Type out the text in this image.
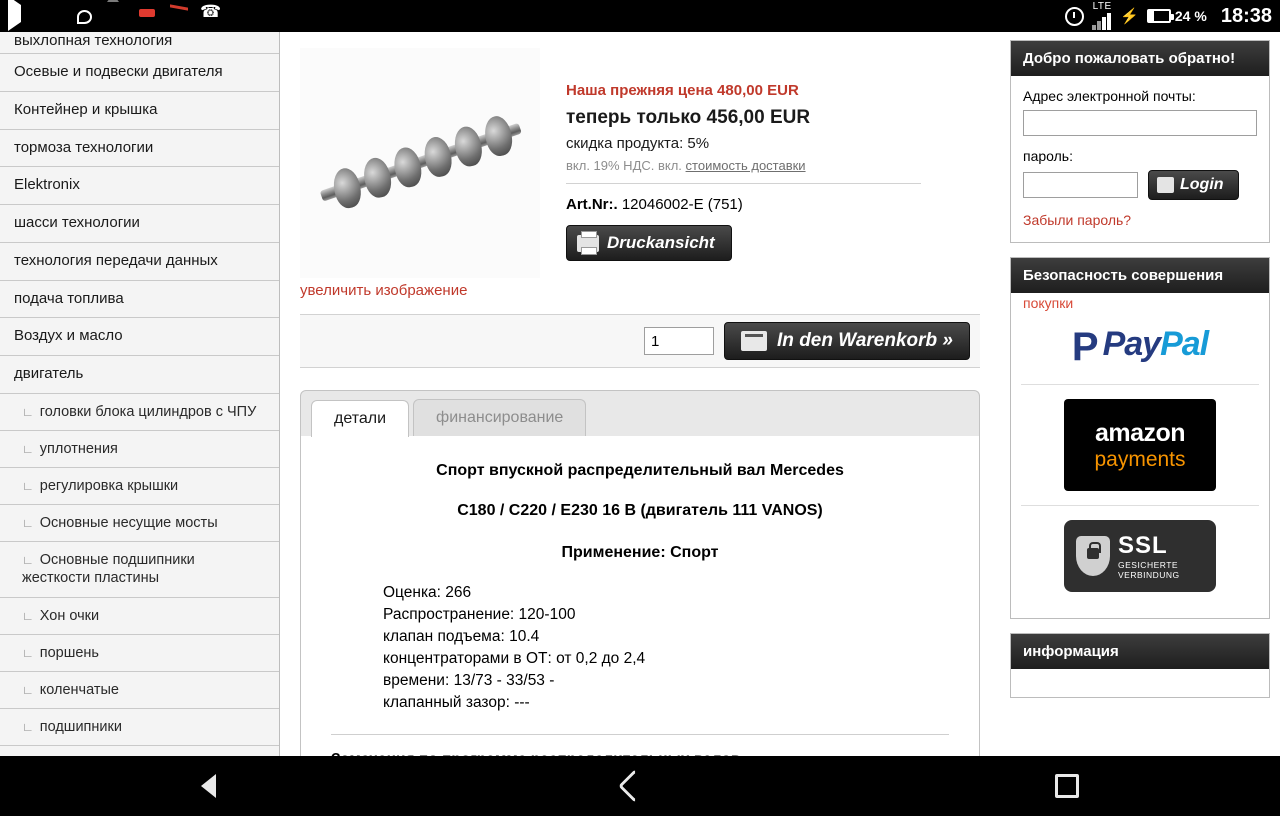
LTE
⚡	24 % 18:38
выхлопная технология
Осевые и подвески двигателя
Контейнер и крышка
тормоза технологии
Elektronix
шасси технологии
технология передачи данных
подача топлива
Воздух и масло
двигатель
∟ головки блока цилиндров с ЧПУ
∟ уплотнения
∟ регулировка крышки
∟ Основные несущие мосты
∟ Основные подшипники жесткости пластины
∟ Хон очки
∟ поршень
∟ коленчатые
∟ подшипники
увеличить изображение
Наша прежняя цена 480,00 EUR
теперь только 456,00 EUR
скидка продукта: 5%
вкл. 19% НДС. вкл. стоимость доставки
Art.Nr:. 12046002-E (751)
Druckansicht
1
In den Warenkorb »
детали	финансирование
Спорт впускной распределительный вал Mercedes
C180 / C220 / E230 16 В (двигатель 111 VANOS)
Применение: Спорт
Оценка: 266
Распространение: 120-100
клапан подъема: 10.4
концентраторами в ОТ: от 0,2 до 2,4
времени: 13/73 - 33/53 -
клапанный зазор: ---
Добро пожаловать обратно!
Адрес электронной почты:
пароль:
Login
Забыли пароль?
Безопасность совершения
покупки
P PayPal
amazon
payments
SSL
GESICHERTE
VERBINDUNG
информация
